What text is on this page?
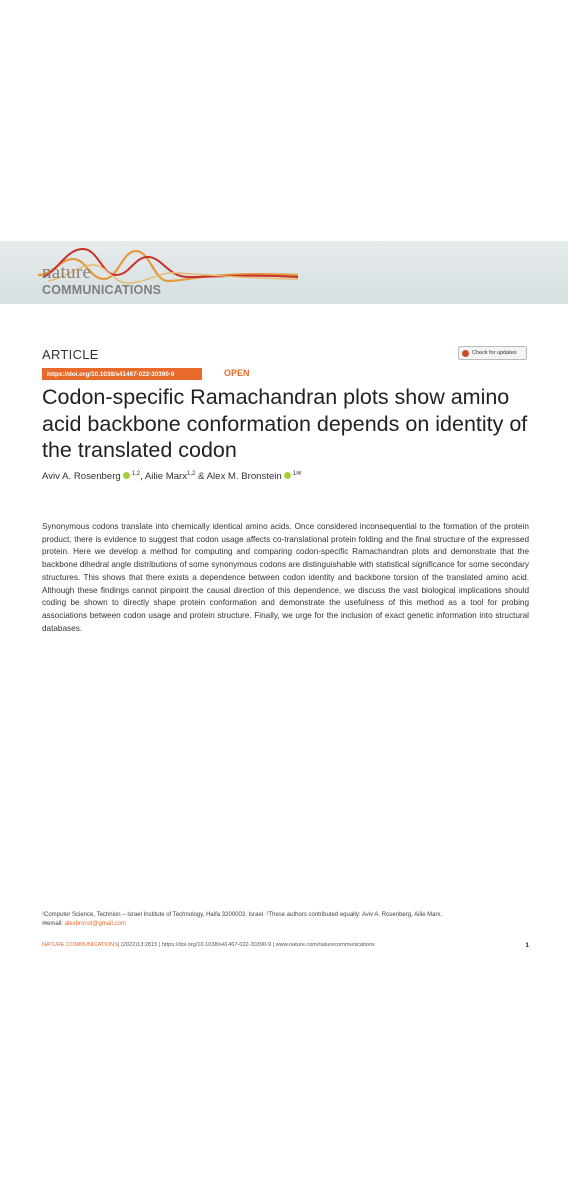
nature
COMMUNICATIONS
ARTICLE	Check for updates
https://doi.org/10.1038/s41467-022-30390-9	OPEN
Codon-specific Ramachandran plots show amino acid backbone conformation depends on identity of the translated codon
Aviv A. Rosenberg $^{1,2}$, Ailie Marx$^{1,2}$ & Alex M. Bronstein $^{1✉}$

Synonymous codons translate into chemically identical amino acids. Once considered inconsequential to the formation of the protein product, there is evidence to suggest that codon usage affects co-translational protein folding and the final structure of the expressed protein. Here we develop a method for computing and comparing codon-specific Ramachandran plots and demonstrate that the backbone dihedral angle distributions of some synonymous codons are distinguishable with statistical significance for some secondary structures. This shows that there exists a dependence between codon identity and backbone torsion of the translated amino acid. Although these findings cannot pinpoint the causal direction of this dependence, we discuss the vast biological implications should coding be shown to directly shape protein conformation and demonstrate the usefulness of this method as a tool for probing associations between codon usage and protein structure. Finally, we urge for the inclusion of exact genetic information into structural databases.

¹Computer Science, Technion – Israel Institute of Technology, Haifa 3200003, Israel. ²These authors contributed equally: Aviv A. Rosenberg, Ailie Marx.
✉email: alexbronst@gmail.com
NATURE COMMUNICATIONS| (2022)13:2815 | https://doi.org/10.1038/s41467-022-30390-9 | www.nature.com/naturecommunications	1
